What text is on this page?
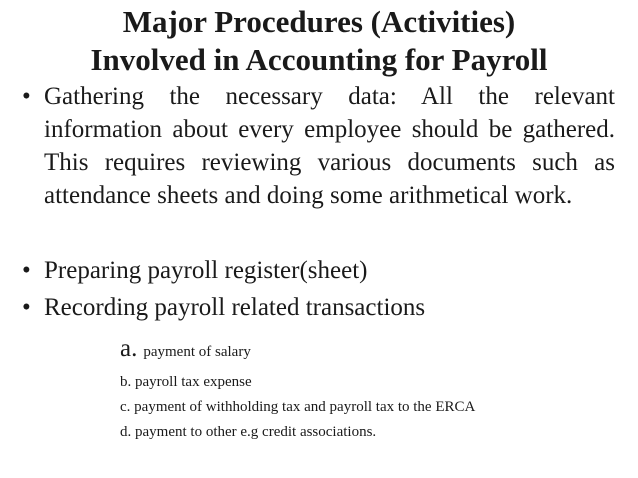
Major Procedures (Activities)
Involved in Accounting for Payroll
• Gathering the necessary data: All the relevant information about every employee should be gathered. This requires reviewing various documents such as attendance sheets and doing some arithmetical work.
• Preparing payroll register(sheet)
• Recording payroll related transactions
a. payment of salary
b. payroll tax expense
c. payment of withholding tax and payroll tax to the ERCA
d. payment to other e.g credit associations.
